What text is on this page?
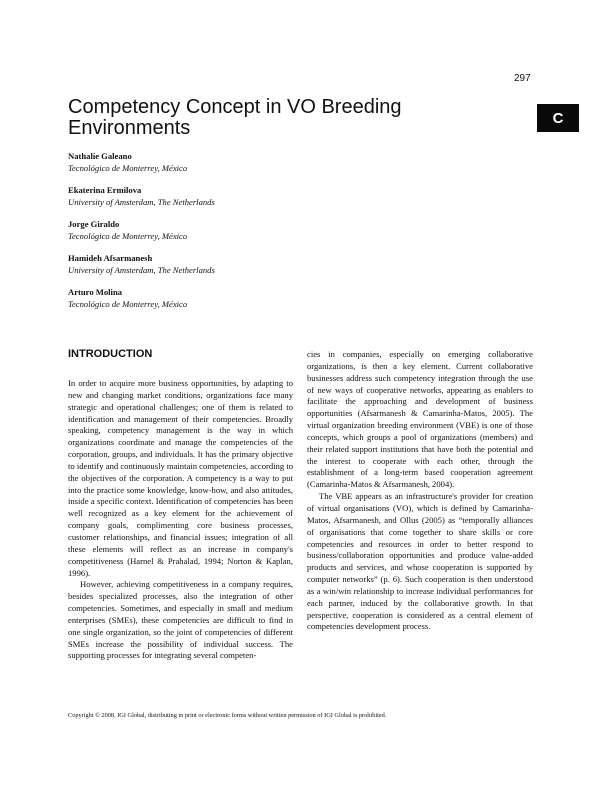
297
C
Competency Concept in VO Breeding Environments
Nathalíe Galeano
Tecnológico de Monterrey, México
Ekaterina Ermilova
University of Amsterdam, The Netherlands
Jorge Giraldo
Tecnológico de Monterrey, México
Hamideh Afsarmanesh
University of Amsterdam, The Netherlands
Arturo Molina
Tecnológico de Monterrey, México
INTRODUCTION

In order to acquire more business opportunities, by adapting to new and changing market conditions, organizations face many strategic and operational challenges; one of them is related to identification and management of their competencies. Broadly speaking, competency management is the way in which organizations coordinate and manage the competencies of the corporation, groups, and individuals. It has the primary objective to identify and continuously maintain competencies, according to the objectives of the corporation. A competency is a way to put into the practice some knowledge, know-how, and also attitudes, inside a specific context. Identification of competencies has been well recognized as a key element for the achievement of company goals, complimenting core business processes, customer relationships, and financial issues; integration of all these elements will reflect as an increase in company's competitiveness (Harnel & Prahalad, 1994; Norton & Kaplan, 1996).

However, achieving competitiveness in a company requires, besides specialized processes, also the integration of other competencies. Sometimes, and especially in small and medium enterprises (SMEs), these competencies are difficult to find in one single organization, so the joint of competencies of different SMEs increase the possibility of individual success. The supporting processes for integrating several competen-

cies in companies, especially on emerging collaborative organizations, is then a key element. Current collaborative businesses address such competency integration through the use of new ways of cooperative networks, appearing as enablers to facilitate the approaching and development of business opportunities (Afsarmanesh & Camarinha-Matos, 2005). The virtual organization breeding environment (VBE) is one of those concepts, which groups a pool of organizations (members) and their related support institutions that have both the potential and the interest to cooperate with each other, through the establishment of a long-term based cooperation agreement (Camarinha-Matos & Afsarmanesh, 2004).

The VBE appears as an infrastructure's provider for creation of virtual organisations (VO), which is defined by Camarinha-Matos, Afsarmanesh, and Ollus (2005) as “temporally alliances of organisations that come together to share skills or core competencies and resources in order to better respond to business/collaboration opportunities and produce value-added products and services, and whose cooperation is supported by computer networks” (p. 6). Such cooperation is then understood as a win/win relationship to increase individual performances for each partner, induced by the collaborative growth. In that perspective, cooperation is considered as a central element of competencies development process.

Copyright © 2008, IGI Global, distributing in print or electronic forms without written permission of IGI Global is prohibited.
